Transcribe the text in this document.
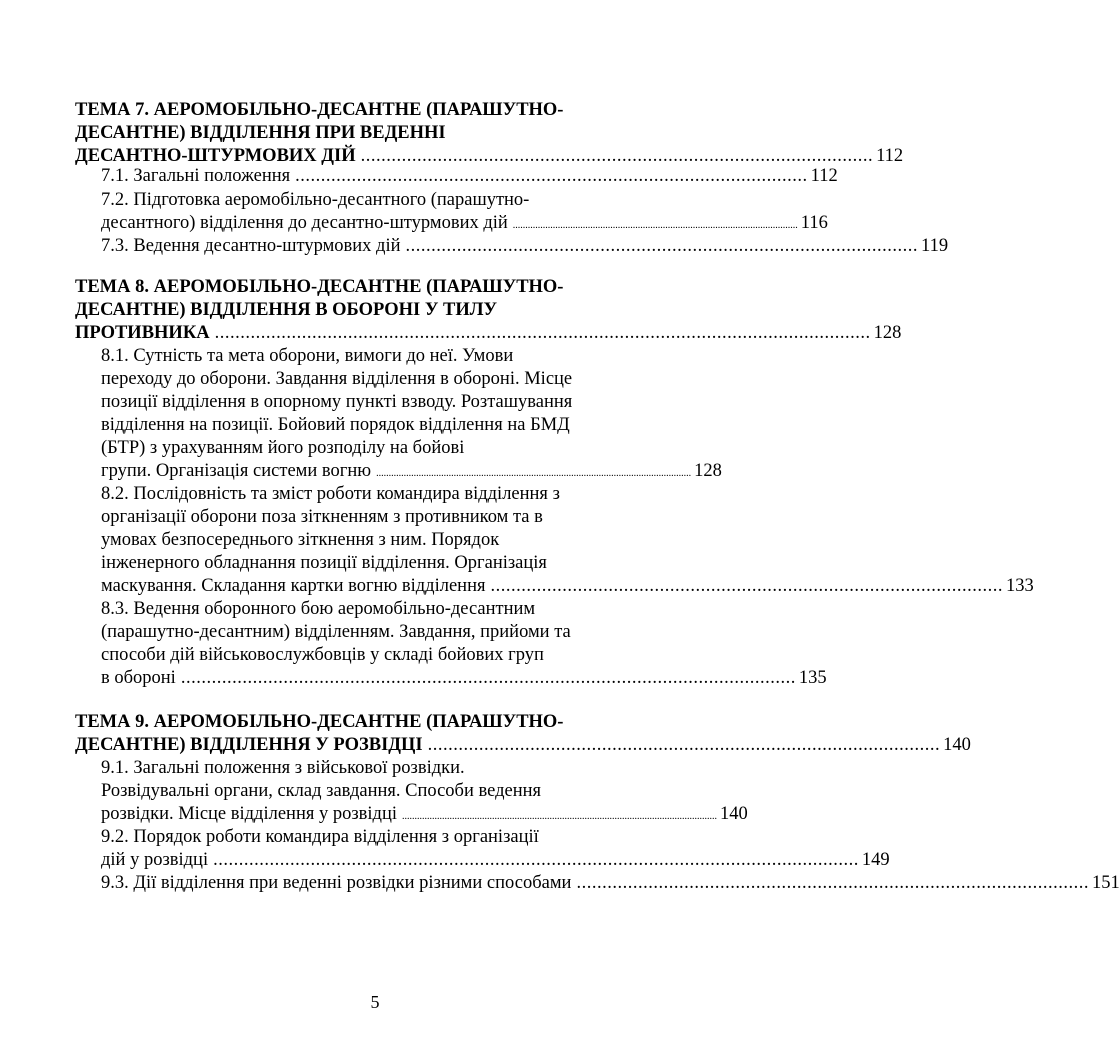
ТЕМА 7. АЕРОМОБІЛЬНО-ДЕСАНТНЕ (ПАРАШУТНО-
ДЕСАНТНЕ) ВІДДІЛЕННЯ ПРИ ВЕДЕННІ
ДЕСАНТНО-ШТУРМОВИХ ДІЙ .................................................................................................... 112
7.1. Загальні положення .................................................................................................... 112
7.2. Підготовка аеромобільно-десантного (парашутно-
десантного) відділення до десантно-штурмових дій .................................................................................................................. 116
7.3. Ведення десантно-штурмових дій .................................................................................................... 119
ТЕМА 8. АЕРОМОБІЛЬНО-ДЕСАНТНЕ (ПАРАШУТНО-
ДЕСАНТНЕ) ВІДДІЛЕННЯ В ОБОРОНІ У ТИЛУ
ПРОТИВНИКА ................................................................................................................................ 128
8.1. Сутність та мета оборони, вимоги до неї. Умови
переходу до оборони. Завдання відділення в обороні. Місце
позиції відділення в опорному пункті взводу. Розташування
відділення на позиції. Бойовий порядок відділення на БМД
(БТР) з урахуванням його розподілу на бойові
групи. Організація системи вогню .............................................................................................................................. 128
8.2. Послідовність та зміст роботи командира відділення з
організації оборони поза зіткненням з противником та в
умовах безпосереднього зіткнення з ним. Порядок
інженерного обладнання позиції відділення. Організація
маскування. Складання картки вогню відділення .................................................................................................... 133
8.3. Ведення оборонного бою аеромобільно-десантним
(парашутно-десантним) відділенням. Завдання, прийоми та
способи дій військовослужбовців у складі бойових груп
в обороні ........................................................................................................................ 135
ТЕМА 9. АЕРОМОБІЛЬНО-ДЕСАНТНЕ (ПАРАШУТНО-
ДЕСАНТНЕ) ВІДДІЛЕННЯ У РОЗВІДЦІ .................................................................................................... 140
9.1. Загальні положення з військової розвідки.
Розвідувальні органи, склад завдання. Способи ведення
розвідки. Місце відділення у розвідці .............................................................................................................................. 140
9.2. Порядок роботи командира відділення з організації
дій у розвідці .............................................................................................................................. 149
9.3. Дії відділення при веденні розвідки різними способами .................................................................................................... 151
5
